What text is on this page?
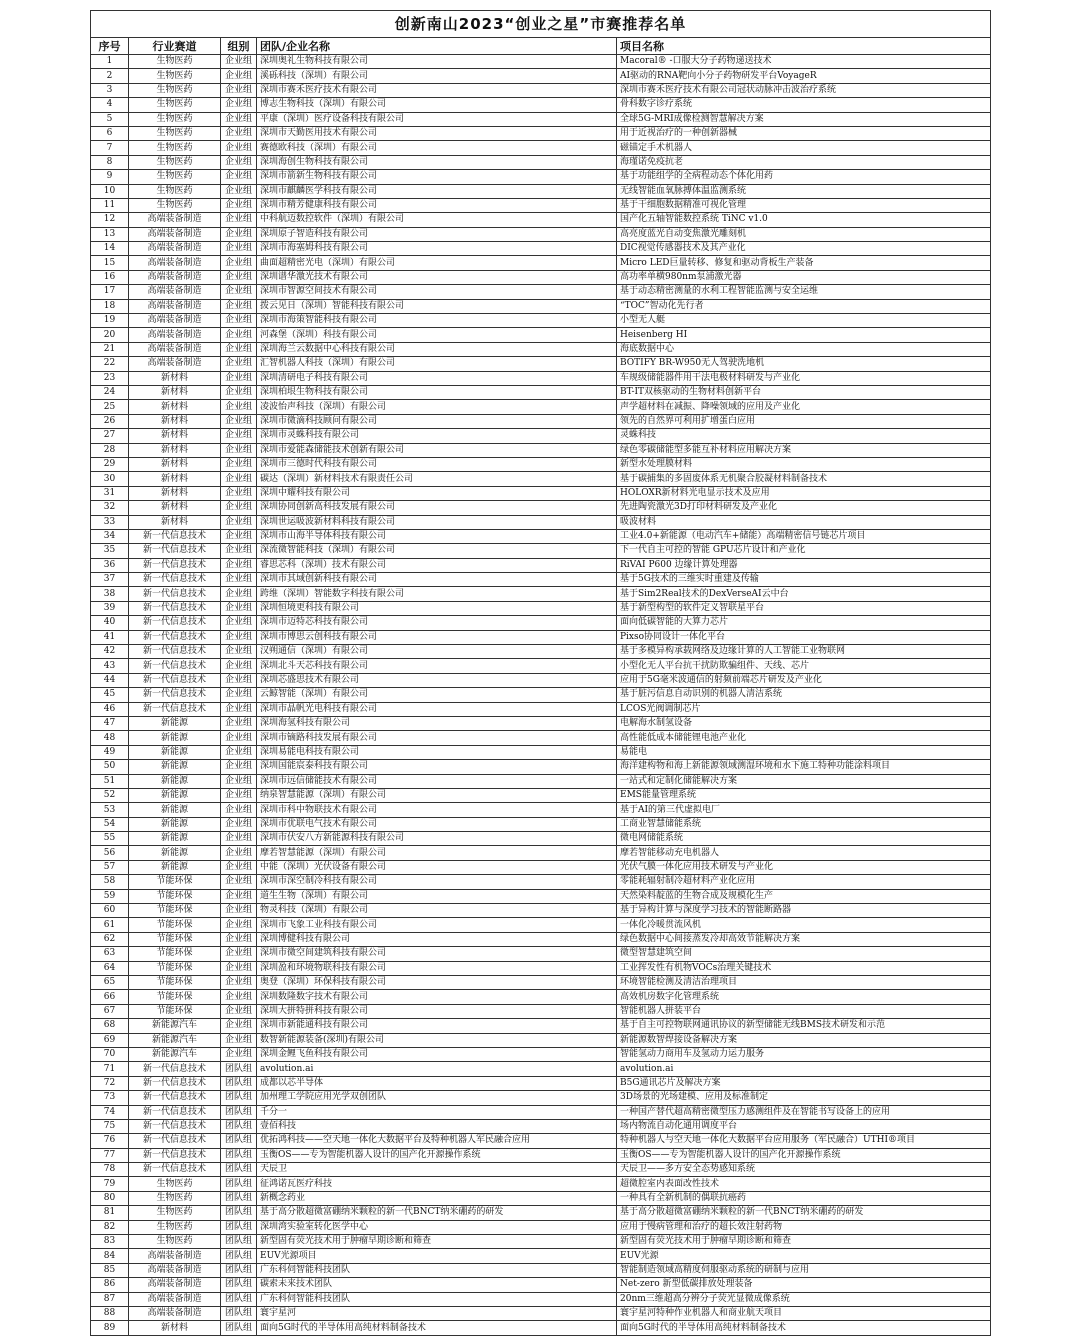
创新南山2023“创业之星”市赛推荐名单				
序号	行业赛道	组别	团队/企业名称	项目名称
1	生物医药	企业组	深圳奥礼生物科技有限公司	Macoral® -口服大分子药物递送技术
2	生物医药	企业组	溪砾科技（深圳）有限公司	AI驱动的RNA靶向小分子药物研发平台VoyageR
3	生物医药	企业组	深圳市赛禾医疗技术有限公司	深圳市赛禾医疗技术有限公司冠状动脉冲击波治疗系统
4	生物医药	企业组	博志生物科技（深圳）有限公司	骨科数字诊疗系统
5	生物医药	企业组	平康（深圳）医疗设备科技有限公司	全球5G-MRI成像检测智慧解决方案
6	生物医药	企业组	深圳市天勤医用技术有限公司	用于近视治疗的一种创新器械
7	生物医药	企业组	赛德欧科技（深圳）有限公司	磁锚定手术机器人
8	生物医药	企业组	深圳海创生物科技有限公司	海瑾诺免疫抗老
9	生物医药	企业组	深圳市箭新生物科技有限公司	基于功能组学的全病程动态个体化用药
10	生物医药	企业组	深圳市麒麟医学科技有限公司	无线智能血氧脉搏体温监测系统
11	生物医药	企业组	深圳市精芳健康科技有限公司	基于干细胞数据精准可视化管理
12	高端装备制造	企业组	中科航迈数控软件（深圳）有限公司	国产化五轴智能数控系统 TiNC v1.0
13	高端装备制造	企业组	深圳原子智造科技有限公司	高亮度蓝光自动变焦激光雕刻机
14	高端装备制造	企业组	深圳市海塞姆科技有限公司	DIC视觉传感器技术及其产业化
15	高端装备制造	企业组	曲面超精密光电（深圳）有限公司	Micro LED巨量转移、修复和驱动背板生产装备
16	高端装备制造	企业组	深圳谱华激光技术有限公司	高功率单横980nm泵浦激光器
17	高端装备制造	企业组	深圳市智源空间技术有限公司	基于动态精密测量的水利工程智能监测与安全运维
18	高端装备制造	企业组	拨云见日（深圳）智能科技有限公司	“TOC”智动化先行者
19	高端装备制造	企业组	深圳市海策智能科技有限公司	小型无人艇
20	高端装备制造	企业组	河森堡（深圳）科技有限公司	Heisenberg HI
21	高端装备制造	企业组	深圳海兰云数据中心科技有限公司	海底数据中心
22	高端装备制造	企业组	汇智机器人科技（深圳）有限公司	BOTIFY BR-W950无人驾驶洗地机
23	新材料	企业组	深圳清研电子科技有限公司	车规级储能器件用干法电极材料研发与产业化
24	新材料	企业组	深圳柏垠生物科技有限公司	BT-IT双核驱动的生物材料创新平台
25	新材料	企业组	凌波怡声科技（深圳）有限公司	声学超材料在减振、降噪领域的应用及产业化
26	新材料	企业组	深圳市微滴科技顾问有限公司	领先的自然界可利用扩增蛋白应用
27	新材料	企业组	深圳市灵蛛科技有限公司	灵蛛科技
28	新材料	企业组	深圳市爱能森储能技术创新有限公司	绿色零碳储能型多能互补材料应用解决方案
29	新材料	企业组	深圳市三德时代科技有限公司	新型水处理膜材料
30	新材料	企业组	碳达（深圳）新材料技术有限责任公司	基于碳捕集的多固废体系无机聚合胶凝材料制备技术
31	新材料	企业组	深圳中耀科技有限公司	HOLOXR新材料光电显示技术及应用
32	新材料	企业组	深圳协同创新高科技发展有限公司	先进陶瓷激光3D打印材料研发及产业化
33	新材料	企业组	深圳世运吸波新材料科技有限公司	吸波材料
34	新一代信息技术	企业组	深圳市山海半导体科技有限公司	工业4.0+新能源（电动汽车+储能）高端精密信号链芯片项目
35	新一代信息技术	企业组	深流微智能科技（深圳）有限公司	下一代自主可控的智能 GPU芯片设计和产业化
36	新一代信息技术	企业组	睿思芯科（深圳）技术有限公司	RiVAI P600 边缘计算处理器
37	新一代信息技术	企业组	深圳市其域创新科技有限公司	基于5G技术的三维实时重建及传输
38	新一代信息技术	企业组	跨维（深圳）智能数字科技有限公司	基于Sim2Real技术的DexVerseAI云中台
39	新一代信息技术	企业组	深圳恒境更科技有限公司	基于新型构型的软件定义智联星平台
40	新一代信息技术	企业组	深圳市迈特芯科技有限公司	面向低碳智能的大算力芯片
41	新一代信息技术	企业组	深圳市博思云创科技有限公司	Pixso协同设计一体化平台
42	新一代信息技术	企业组	汉朔通信（深圳）有限公司	基于多模异构承载网络及边缘计算的人工智能工业物联网
43	新一代信息技术	企业组	深圳北斗天芯科技有限公司	小型化无人平台抗干扰防欺骗组件、天线、芯片
44	新一代信息技术	企业组	深圳芯盛思技术有限公司	应用于5G毫米波通信的射频前端芯片研发及产业化
45	新一代信息技术	企业组	云鲸智能（深圳）有限公司	基于脏污信息自动识别的机器人清洁系统
46	新一代信息技术	企业组	深圳市晶帆光电科技有限公司	LCOS光阀调制芯片
47	新能源	企业组	深圳海氢科技有限公司	电解海水制氢设备
48	新能源	企业组	深圳市镝路科技发展有限公司	高性能低成本储能锂电池产业化
49	新能源	企业组	深圳易能电科技有限公司	易能电
50	新能源	企业组	深圳国能宸泰科技有限公司	海洋建构物和海上新能源领域测湿环境和水下施工特种功能涂料项目
51	新能源	企业组	深圳市远信储能技术有限公司	一站式和定制化储能解决方案
52	新能源	企业组	纳泉智慧能源（深圳）有限公司	EMS能量管理系统
53	新能源	企业组	深圳市科中物联技术有限公司	基于AI的第三代虚拟电厂
54	新能源	企业组	深圳市优联电气技术有限公司	工商业智慧储能系统
55	新能源	企业组	深圳市伏安八方新能源科技有限公司	微电网储能系统
56	新能源	企业组	摩若智慧能源（深圳）有限公司	摩若智能移动充电机器人
57	新能源	企业组	中能（深圳）光伏设备有限公司	光伏气膜一体化应用技术研发与产业化
58	节能环保	企业组	深圳市深空制冷科技有限公司	零能耗辐射制冷超材料产业化应用
59	节能环保	企业组	道生生物（深圳）有限公司	天然染料靛蓝的生物合成及规模化生产
60	节能环保	企业组	物灵科技（深圳）有限公司	基于异构计算与深度学习技术的智能断路器
61	节能环保	企业组	深圳市飞象工业科技有限公司	一体化冷暖贯流风机
62	节能环保	企业组	深圳博健科技有限公司	绿色数据中心间接蒸发冷却高效节能解决方案
63	节能环保	企业组	深圳市微空间建筑科技有限公司	微型智慧建筑空间
64	节能环保	企业组	深圳盈和环境物联科技有限公司	工业挥发性有机物VOCs治理关键技术
65	节能环保	企业组	奥登（深圳）环保科技有限公司	环境智能检测及清洁治理项目
66	节能环保	企业组	深圳数隆数字技术有限公司	高效机房数字化管理系统
67	节能环保	企业组	深圳大拼特拼科技有限公司	智能机器人拼装平台
68	新能源汽车	企业组	深圳市新能通科技有限公司	基于自主可控物联网通讯协议的新型储能无线BMS技术研发和示范
69	新能源汽车	企业组	数智新能源装备(深圳)有限公司	新能源数智焊接设备解决方案
70	新能源汽车	企业组	深圳金鲤飞鱼科技有限公司	智能氢动力商用车及氢动力运力服务
71	新一代信息技术	团队组	avolution.ai	avolution.ai
72	新一代信息技术	团队组	成都以芯半导体	B5G通讯芯片及解决方案
73	新一代信息技术	团队组	加州理工学院应用光学双创团队	3D场景的光场建模、应用及标准制定
74	新一代信息技术	团队组	千分一	一种国产替代超高精密微型压力感测组件及在智能书写设备上的应用
75	新一代信息技术	团队组	壹佰科技	场内物流自动化通用调度平台
76	新一代信息技术	团队组	优拓鸿科技——空天地一体化大数据平台及特种机器人军民融合应用	特种机器人与空天地一体化大数据平台应用服务（军民融合）UTHI®项目
77	新一代信息技术	团队组	玉衡OS——专为智能机器人设计的国产化开源操作系统	玉衡OS——专为智能机器人设计的国产化开源操作系统
78	新一代信息技术	团队组	天辰卫	天辰卫——多方安全态势感知系统
79	生物医药	团队组	征鸿诺瓦医疗科技	超微腔室内表面改性技术
80	生物医药	团队组	新概念药业	一种具有全新机制的偶联抗癌药
81	生物医药	团队组	基于高分散超微富硼纳米颗粒的新一代BNCT纳米硼药的研发	基于高分散超微富硼纳米颗粒的新一代BNCT纳米硼药的研发
82	生物医药	团队组	深圳湾实验室转化医学中心	应用于慢病管理和治疗的超长效注射药物
83	生物医药	团队组	新型固有荧光技术用于肿瘤早期诊断和筛查	新型固有荧光技术用于肿瘤早期诊断和筛查
84	高端装备制造	团队组	EUV光源项目	EUV光源
85	高端装备制造	团队组	广东科伺智能科技团队	智能制造领域高精度伺服驱动系统的研制与应用
86	高端装备制造	团队组	碳索未来技术团队	Net-zero 新型低碳排放处理装备
87	高端装备制造	团队组	广东科伺智能科技团队	20nm三维超高分辨分子荧光显微成像系统
88	高端装备制造	团队组	寰宇星河	寰宇星河特种作业机器人和商业航天项目
89	新材料	团队组	面向5G时代的半导体用高纯材料制备技术	面向5G时代的半导体用高纯材料制备技术
